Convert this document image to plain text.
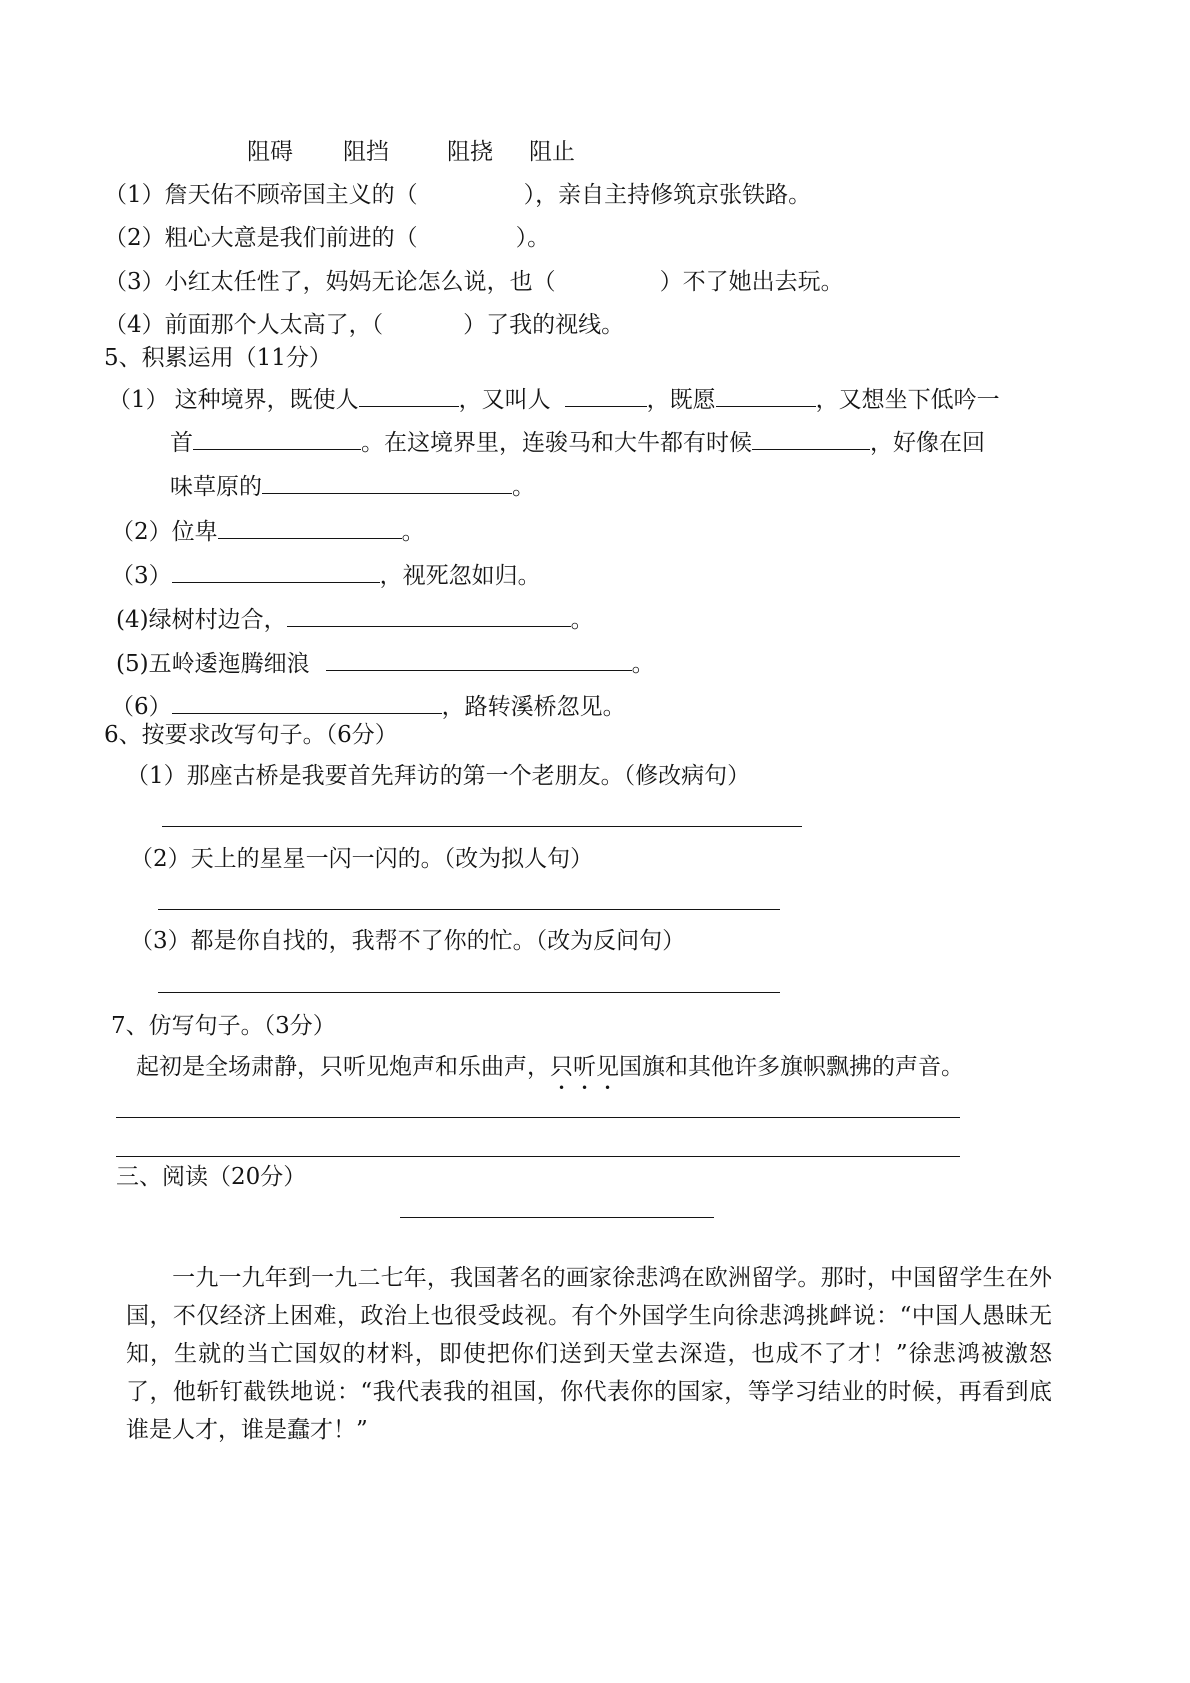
阻碍 阻挡	阻挠 阻止
（1）詹天佑不顾帝国主义的（	），亲自主持修筑京张铁路。
（2）粗心大意是我们前进的（	）。
（3）小红太任性了，妈妈无论怎么说，也（	）不了她出去玩。
（4）前面那个人太高了，（	）了我的视线。
5、积累运用（11分）
（1） 这种境界，既使人	，又叫人	，既愿	，又想坐下低吟一
首	。在这境界里，连骏马和大牛都有时候	，好像在回
味草原的	。
（2）位卑	。
（3）	，视死忽如归。
(4)绿树村边合，	。
(5)五岭逶迤腾细浪	。
（6）	，路转溪桥忽见。
6、按要求改写句子。（6分）
（1）那座古桥是我要首先拜访的第一个老朋友。（修改病句）
（2）天上的星星一闪一闪的。（改为拟人句）
（3）都是你自找的，我帮不了你的忙。（改为反问句）
7、仿写句子。（3分）
起初是全场肃静，只听见炮声和乐曲声，只听见国旗和其他许多旗帜飘拂的声音。
三、阅读（20分）
一九一九年到一九二七年，我国著名的画家徐悲鸿在欧洲留学。那时，中国留学生在外国，不仅经济上困难，政治上也很受歧视。有个外国学生向徐悲鸿挑衅说：“中国人愚昧无知，生就的当亡国奴的材料，即使把你们送到天堂去深造，也成不了才！”徐悲鸿被激怒了，他斩钉截铁地说：“我代表我的祖国，你代表你的国家，等学习结业的时候，再看到底谁是人才，谁是蠢才！”
